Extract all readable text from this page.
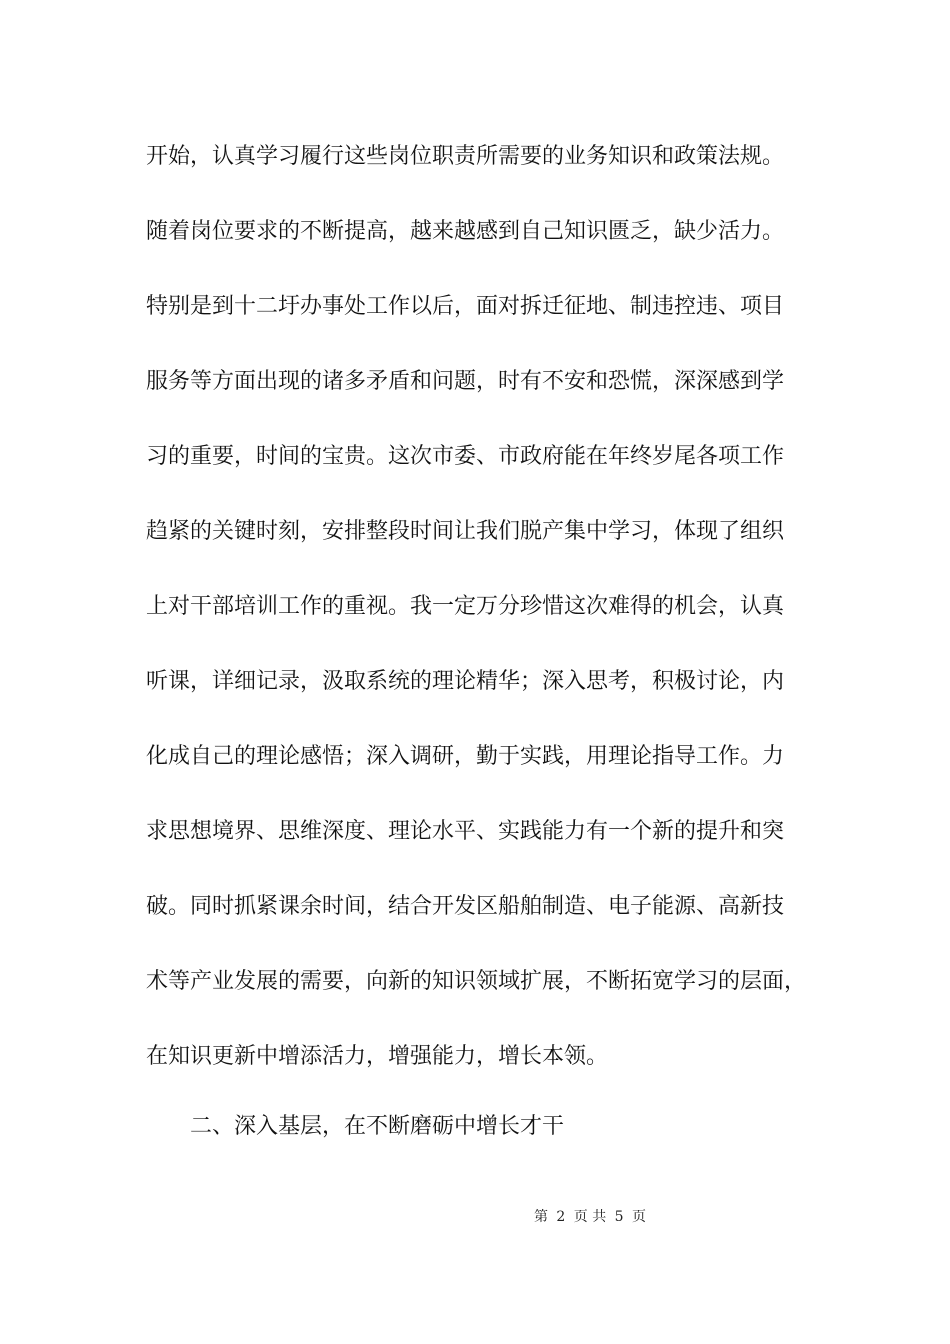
开始，认真学习履行这些岗位职责所需要的业务知识和政策法规。
随着岗位要求的不断提高，越来越感到自己知识匮乏，缺少活力。
特别是到十二圩办事处工作以后，面对拆迁征地、制违控违、项目
服务等方面出现的诸多矛盾和问题，时有不安和恐慌，深深感到学
习的重要，时间的宝贵。这次市委、市政府能在年终岁尾各项工作
趋紧的关键时刻，安排整段时间让我们脱产集中学习，体现了组织
上对干部培训工作的重视。我一定万分珍惜这次难得的机会，认真
听课，详细记录，汲取系统的理论精华；深入思考，积极讨论，内
化成自己的理论感悟；深入调研，勤于实践，用理论指导工作。力
求思想境界、思维深度、理论水平、实践能力有一个新的提升和突
破。同时抓紧课余时间，结合开发区船舶制造、电子能源、高新技
术等产业发展的需要，向新的知识领域扩展，不断拓宽学习的层面，
在知识更新中增添活力，增强能力，增长本领。
二、深入基层，在不断磨砺中增长才干
第 2 页 共 5 页
